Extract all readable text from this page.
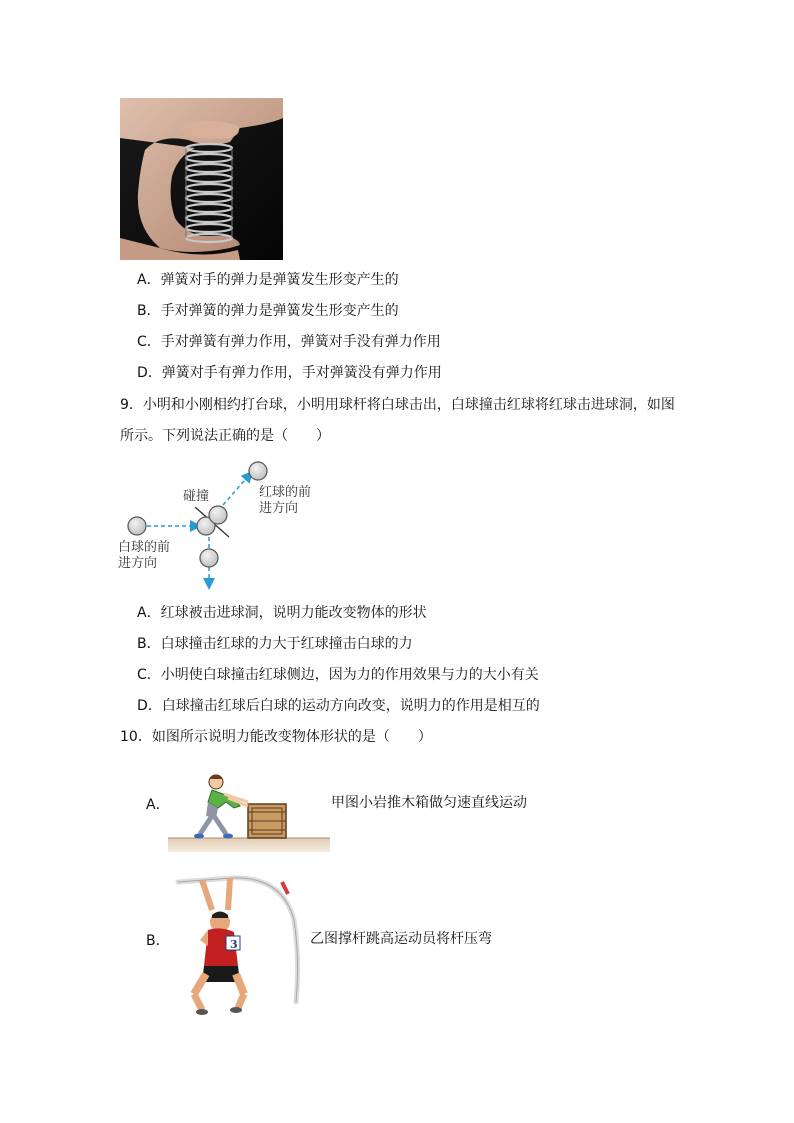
A．弹簧对手的弹力是弹簧发生形变产生的
B．手对弹簧的弹力是弹簧发生形变产生的
C．手对弹簧有弹力作用，弹簧对手没有弹力作用
D．弹簧对手有弹力作用，手对弹簧没有弹力作用
9．小明和小刚相约打台球，小明用球杆将白球击出，白球撞击红球将红球击进球洞，如图
所示。下列说法正确的是（　　）
碰撞	红球的前
进方向
白球的前
进方向
A．红球被击进球洞，说明力能改变物体的形状
B．白球撞击红球的力大于红球撞击白球的力
C．小明使白球撞击红球侧边，因为力的作用效果与力的大小有关
D．白球撞击红球后白球的运动方向改变，说明力的作用是相互的
10．如图所示说明力能改变物体形状的是（　　）
A．	甲图小岩推木箱做匀速直线运动
B．	3	乙图撑杆跳高运动员将杆压弯
